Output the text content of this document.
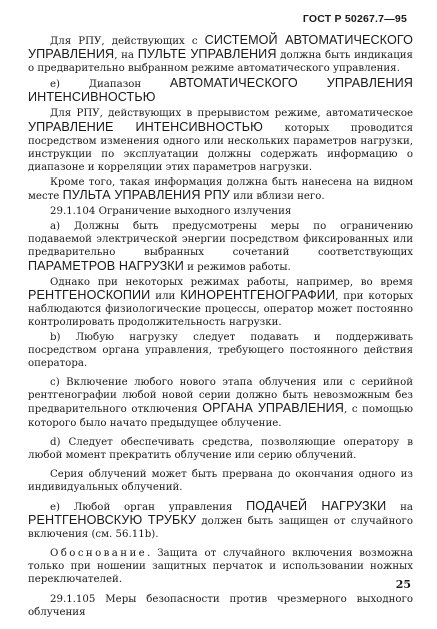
ГОСТ Р 50267.7—95

Для РПУ, действующих с СИСТЕМОЙ АВТОМАТИЧЕСКОГО УПРАВЛЕНИЯ, на ПУЛЬТЕ УПРАВЛЕНИЯ должна быть индикация о предварительно выбранном режиме автоматического управления.

е) Диапазон АВТОМАТИЧЕСКОГО УПРАВЛЕНИЯ ИНТЕНСИВНОСТЬЮ

Для РПУ, действующих в прерывистом режиме, автоматическое УПРАВЛЕНИЕ ИНТЕНСИВНОСТЬЮ которых проводится посредством изменения одного или нескольких параметров нагрузки, инструкции по эксплуатации должны содержать информацию о диапазоне и корреляции этих параметров нагрузки.

Кроме того, такая информация должна быть нанесена на видном месте ПУЛЬТА УПРАВЛЕНИЯ РПУ или вблизи него.

29.1.104 Ограничение выходного излучения

а) Должны быть предусмотрены меры по ограничению подаваемой электрической энергии посредством фиксированных или предварительно выбранных сочетаний соответствующих ПАРАМЕТРОВ НАГРУЗКИ и режимов работы.

Однако при некоторых режимах работы, например, во время РЕНТГЕНОСКОПИИ или КИНОРЕНТГЕНОГРАФИИ, при которых наблюдаются физиологические процессы, оператор может постоянно контролировать продолжительность нагрузки.

b) Любую нагрузку следует подавать и поддерживать посредством органа управления, требующего постоянного действия оператора.

с) Включение любого нового этапа облучения или с серийной рентгенографии любой новой серии должно быть невозможным без предварительного отключения ОРГАНА УПРАВЛЕНИЯ, с помощью которого было начато предыдущее облучение.

d) Следует обеспечивать средства, позволяющие оператору в любой момент прекратить облучение или серию облучений.

Серия облучений может быть прервана до окончания одного из индивидуальных облучений.

е) Любой орган управления ПОДАЧЕЙ НАГРУЗКИ на РЕНТГЕНОВСКУЮ ТРУБКУ должен быть защищен от случайного включения (см. 56.11b).

Обоснование. Защита от случайного включения возможна только при ношении защитных перчаток и использовании ножных переключателей.

29.1.105 Меры безопасности против чрезмерного выходного облучения

25
